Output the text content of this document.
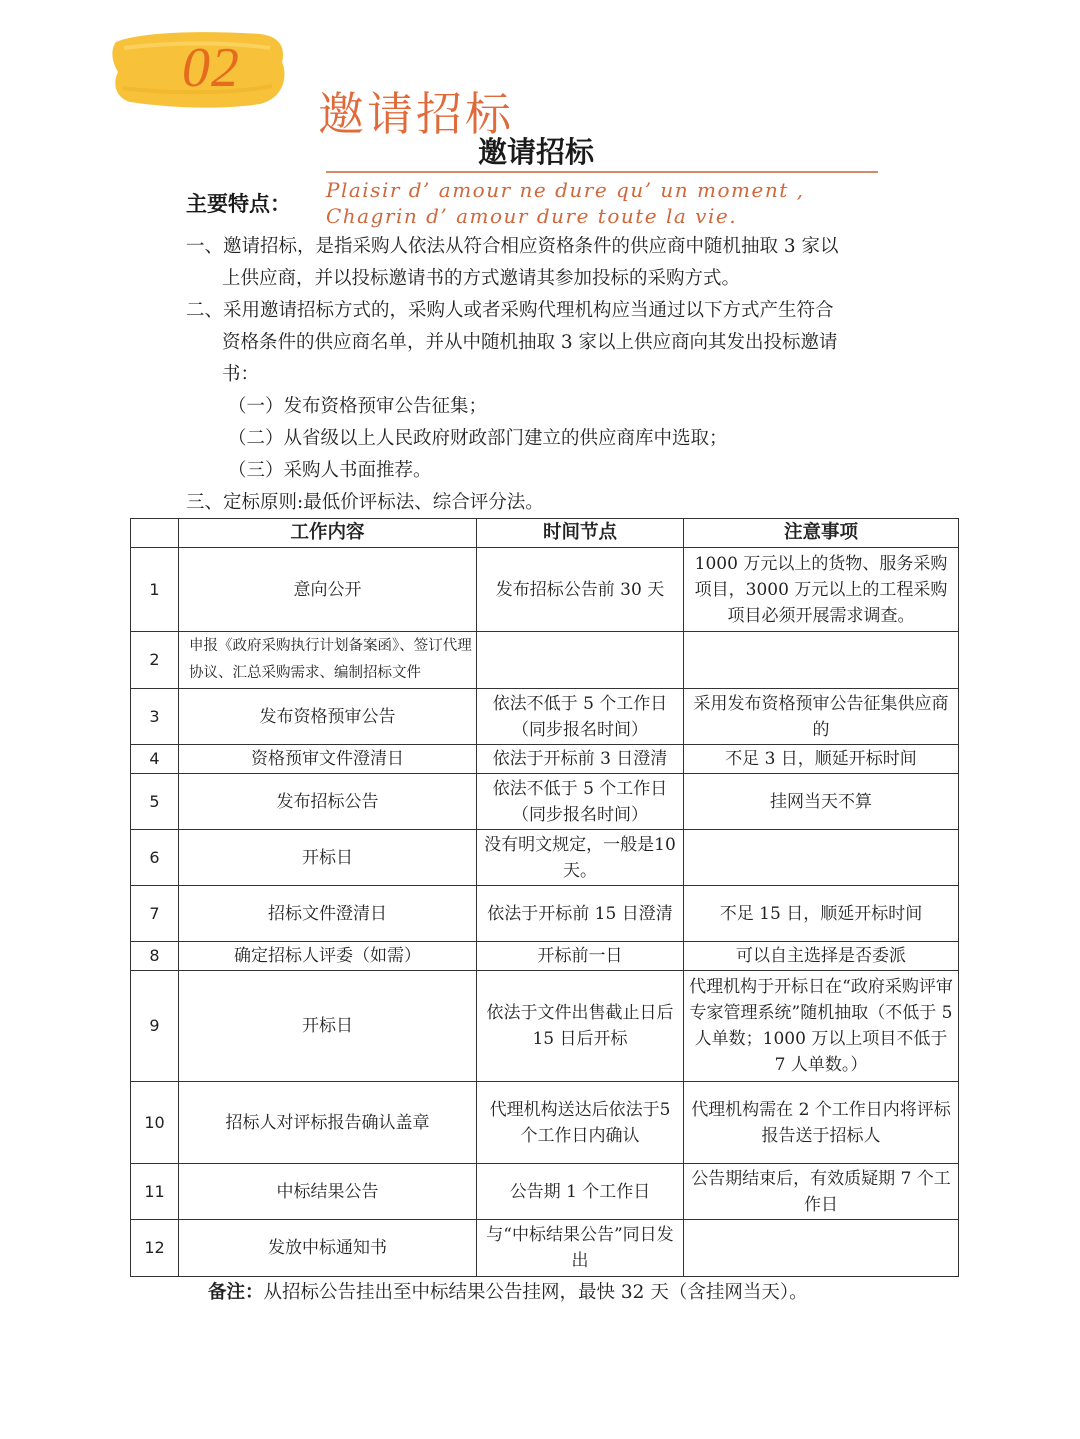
02
邀请招标
邀请招标
Plaisir d’ amour ne dure qu’ un moment ,
Chagrin d’ amour dure toute la vie.
主要特点：
一、邀请招标，是指采购人依法从符合相应资格条件的供应商中随机抽取 3 家以
上供应商，并以投标邀请书的方式邀请其参加投标的采购方式。
二、采用邀请招标方式的，采购人或者采购代理机构应当通过以下方式产生符合
资格条件的供应商名单，并从中随机抽取 3 家以上供应商向其发出投标邀请
书：
（一）发布资格预审公告征集；
（二）从省级以上人民政府财政部门建立的供应商库中选取；
（三）采购人书面推荐。
三、定标原则:最低价评标法、综合评分法。
	工作内容	时间节点	注意事项
1	意向公开	发布招标公告前 30 天	1000 万元以上的货物、服务采购项目，3000 万元以上的工程采购项目必须开展需求调查。
2	申报《政府采购执行计划备案函》、签订代理协议、汇总采购需求、编制招标文件		
3	发布资格预审公告	依法不低于 5 个工作日（同步报名时间）	采用发布资格预审公告征集供应商的
4	资格预审文件澄清日	依法于开标前 3 日澄清	不足 3 日，顺延开标时间
5	发布招标公告	依法不低于 5 个工作日（同步报名时间）	挂网当天不算
6	开标日	没有明文规定，一般是10 天。	
7	招标文件澄清日	依法于开标前 15 日澄清	不足 15 日，顺延开标时间
8	确定招标人评委（如需）	开标前一日	可以自主选择是否委派
9	开标日	依法于文件出售截止日后 15 日后开标	代理机构于开标日在“政府采购评审专家管理系统”随机抽取（不低于 5 人单数；1000 万以上项目不低于 7 人单数。）
10	招标人对评标报告确认盖章	代理机构送达后依法于5 个工作日内确认	代理机构需在 2 个工作日内将评标报告送于招标人
11	中标结果公告	公告期 1 个工作日	公告期结束后，有效质疑期 7 个工作日
12	发放中标通知书	与“中标结果公告”同日发出	
备注：从招标公告挂出至中标结果公告挂网，最快 32 天（含挂网当天）。
